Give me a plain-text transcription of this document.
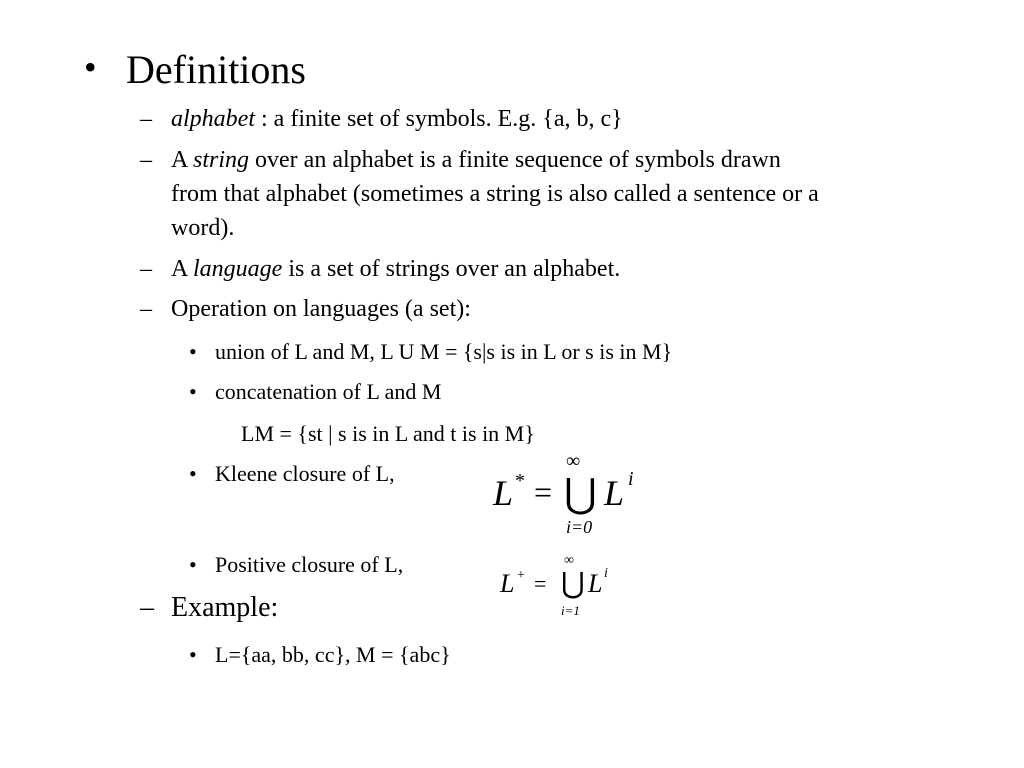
• Definitions
– alphabet : a finite set of symbols. E.g. {a, b, c}
– A string over an alphabet is a finite sequence of symbols drawn
from that alphabet (sometimes a string is also called a sentence or a
word).
– A language is a set of strings over an alphabet.
– Operation on languages (a set):
• union of L and M, L U M = {s|s is in L or s is in M}
• concatenation of L and M
LM = {st | s is in L and t is in M}
• Kleene closure of L,	L * =
∞
⋃
i=0
L i
• Positive closure of L,
L + =
∞
⋃
i=1
L i
– Example:
• L={aa, bb, cc}, M = {abc}
